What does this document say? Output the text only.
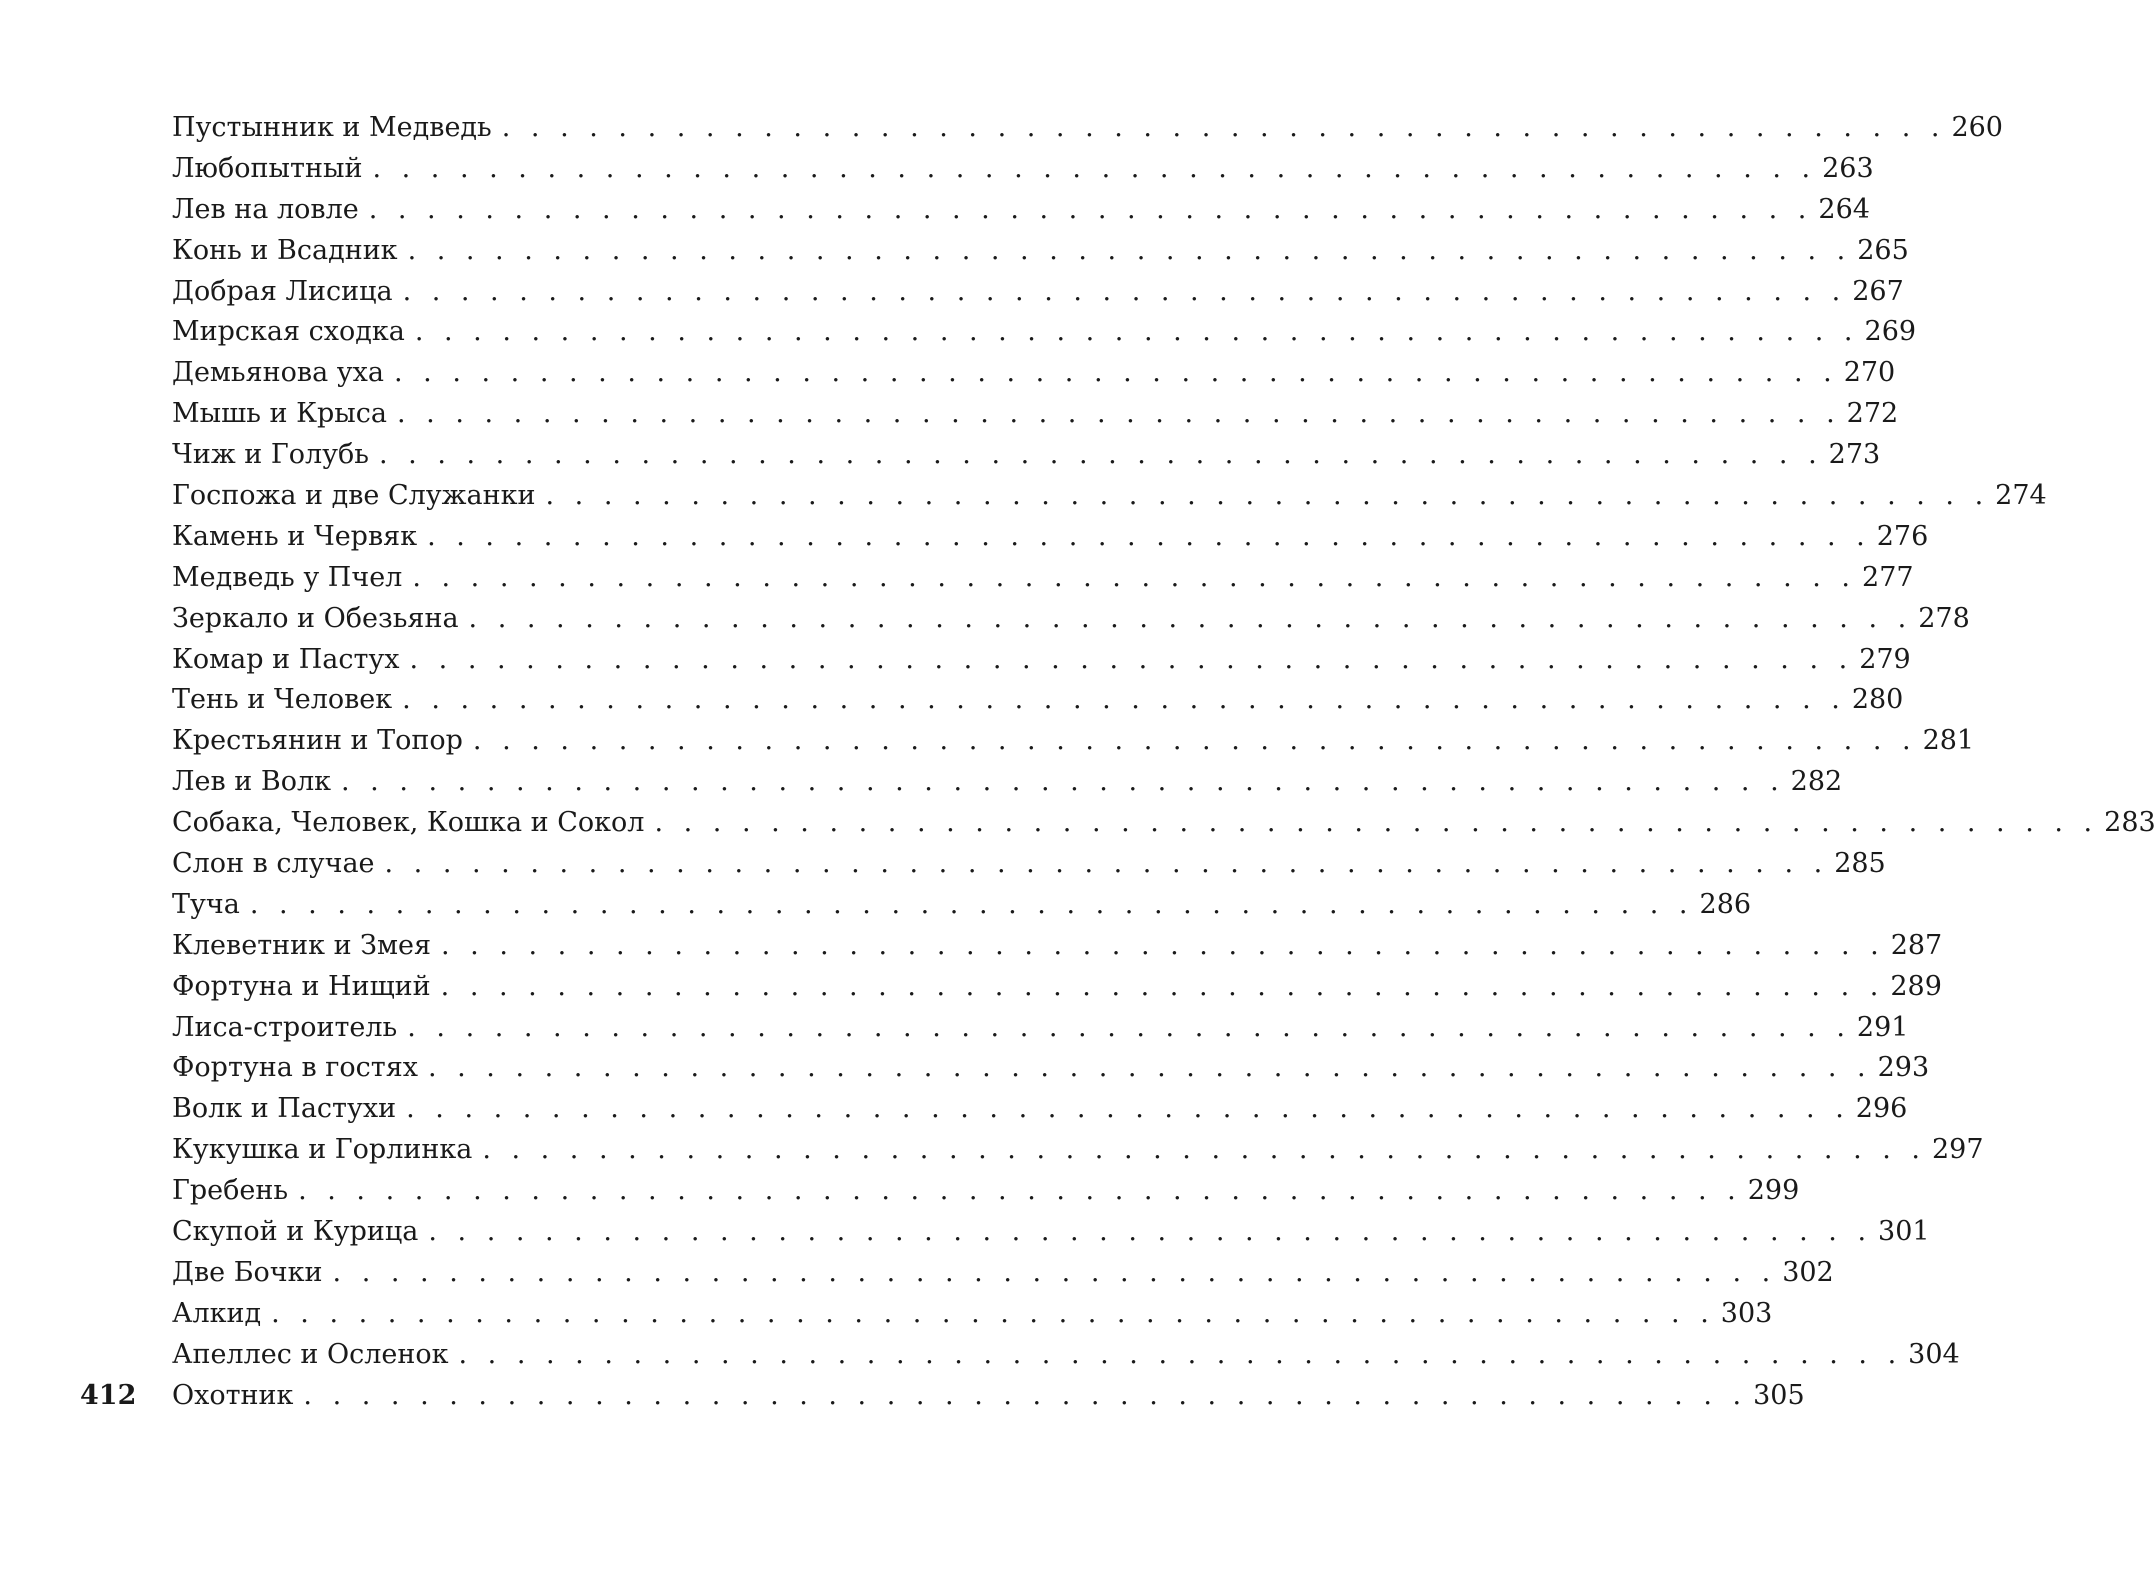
Пустынник и Медведь . . . . . . . . . . . . . . . . . . . . . . . . . . . . . . . . . . . . . . . . . . . . . . . . . . 260
Любопытный . . . . . . . . . . . . . . . . . . . . . . . . . . . . . . . . . . . . . . . . . . . . . . . . . . 263
Лев на ловле . . . . . . . . . . . . . . . . . . . . . . . . . . . . . . . . . . . . . . . . . . . . . . . . . . 264
Конь и Всадник . . . . . . . . . . . . . . . . . . . . . . . . . . . . . . . . . . . . . . . . . . . . . . . . . . 265
Добрая Лисица . . . . . . . . . . . . . . . . . . . . . . . . . . . . . . . . . . . . . . . . . . . . . . . . . . 267
Мирская сходка . . . . . . . . . . . . . . . . . . . . . . . . . . . . . . . . . . . . . . . . . . . . . . . . . . 269
Демьянова уха . . . . . . . . . . . . . . . . . . . . . . . . . . . . . . . . . . . . . . . . . . . . . . . . . . 270
Мышь и Крыса . . . . . . . . . . . . . . . . . . . . . . . . . . . . . . . . . . . . . . . . . . . . . . . . . . 272
Чиж и Голубь . . . . . . . . . . . . . . . . . . . . . . . . . . . . . . . . . . . . . . . . . . . . . . . . . . 273
Госпожа и две Служанки . . . . . . . . . . . . . . . . . . . . . . . . . . . . . . . . . . . . . . . . . . . . . . . . . . 274
Камень и Червяк . . . . . . . . . . . . . . . . . . . . . . . . . . . . . . . . . . . . . . . . . . . . . . . . . . 276
Медведь у Пчел . . . . . . . . . . . . . . . . . . . . . . . . . . . . . . . . . . . . . . . . . . . . . . . . . . 277
Зеркало и Обезьяна . . . . . . . . . . . . . . . . . . . . . . . . . . . . . . . . . . . . . . . . . . . . . . . . . . 278
Комар и Пастух . . . . . . . . . . . . . . . . . . . . . . . . . . . . . . . . . . . . . . . . . . . . . . . . . . 279
Тень и Человек . . . . . . . . . . . . . . . . . . . . . . . . . . . . . . . . . . . . . . . . . . . . . . . . . . 280
Крестьянин и Топор . . . . . . . . . . . . . . . . . . . . . . . . . . . . . . . . . . . . . . . . . . . . . . . . . . 281
Лев и Волк . . . . . . . . . . . . . . . . . . . . . . . . . . . . . . . . . . . . . . . . . . . . . . . . . . 282
Собака, Человек, Кошка и Сокол . . . . . . . . . . . . . . . . . . . . . . . . . . . . . . . . . . . . . . . . . . . . . . . . . . 283
Слон в случае . . . . . . . . . . . . . . . . . . . . . . . . . . . . . . . . . . . . . . . . . . . . . . . . . . 285
Туча . . . . . . . . . . . . . . . . . . . . . . . . . . . . . . . . . . . . . . . . . . . . . . . . . . 286
Клеветник и Змея . . . . . . . . . . . . . . . . . . . . . . . . . . . . . . . . . . . . . . . . . . . . . . . . . . 287
Фортуна и Нищий . . . . . . . . . . . . . . . . . . . . . . . . . . . . . . . . . . . . . . . . . . . . . . . . . . 289
Лиса-строитель . . . . . . . . . . . . . . . . . . . . . . . . . . . . . . . . . . . . . . . . . . . . . . . . . . 291
Фортуна в гостях . . . . . . . . . . . . . . . . . . . . . . . . . . . . . . . . . . . . . . . . . . . . . . . . . . 293
Волк и Пастухи . . . . . . . . . . . . . . . . . . . . . . . . . . . . . . . . . . . . . . . . . . . . . . . . . . 296
Кукушка и Горлинка . . . . . . . . . . . . . . . . . . . . . . . . . . . . . . . . . . . . . . . . . . . . . . . . . . 297
Гребень . . . . . . . . . . . . . . . . . . . . . . . . . . . . . . . . . . . . . . . . . . . . . . . . . . 299
Скупой и Курица . . . . . . . . . . . . . . . . . . . . . . . . . . . . . . . . . . . . . . . . . . . . . . . . . . 301
Две Бочки . . . . . . . . . . . . . . . . . . . . . . . . . . . . . . . . . . . . . . . . . . . . . . . . . . 302
Алкид . . . . . . . . . . . . . . . . . . . . . . . . . . . . . . . . . . . . . . . . . . . . . . . . . . 303
Апеллес и Осленок . . . . . . . . . . . . . . . . . . . . . . . . . . . . . . . . . . . . . . . . . . . . . . . . . . 304
Охотник . . . . . . . . . . . . . . . . . . . . . . . . . . . . . . . . . . . . . . . . . . . . . . . . . . 305
412
